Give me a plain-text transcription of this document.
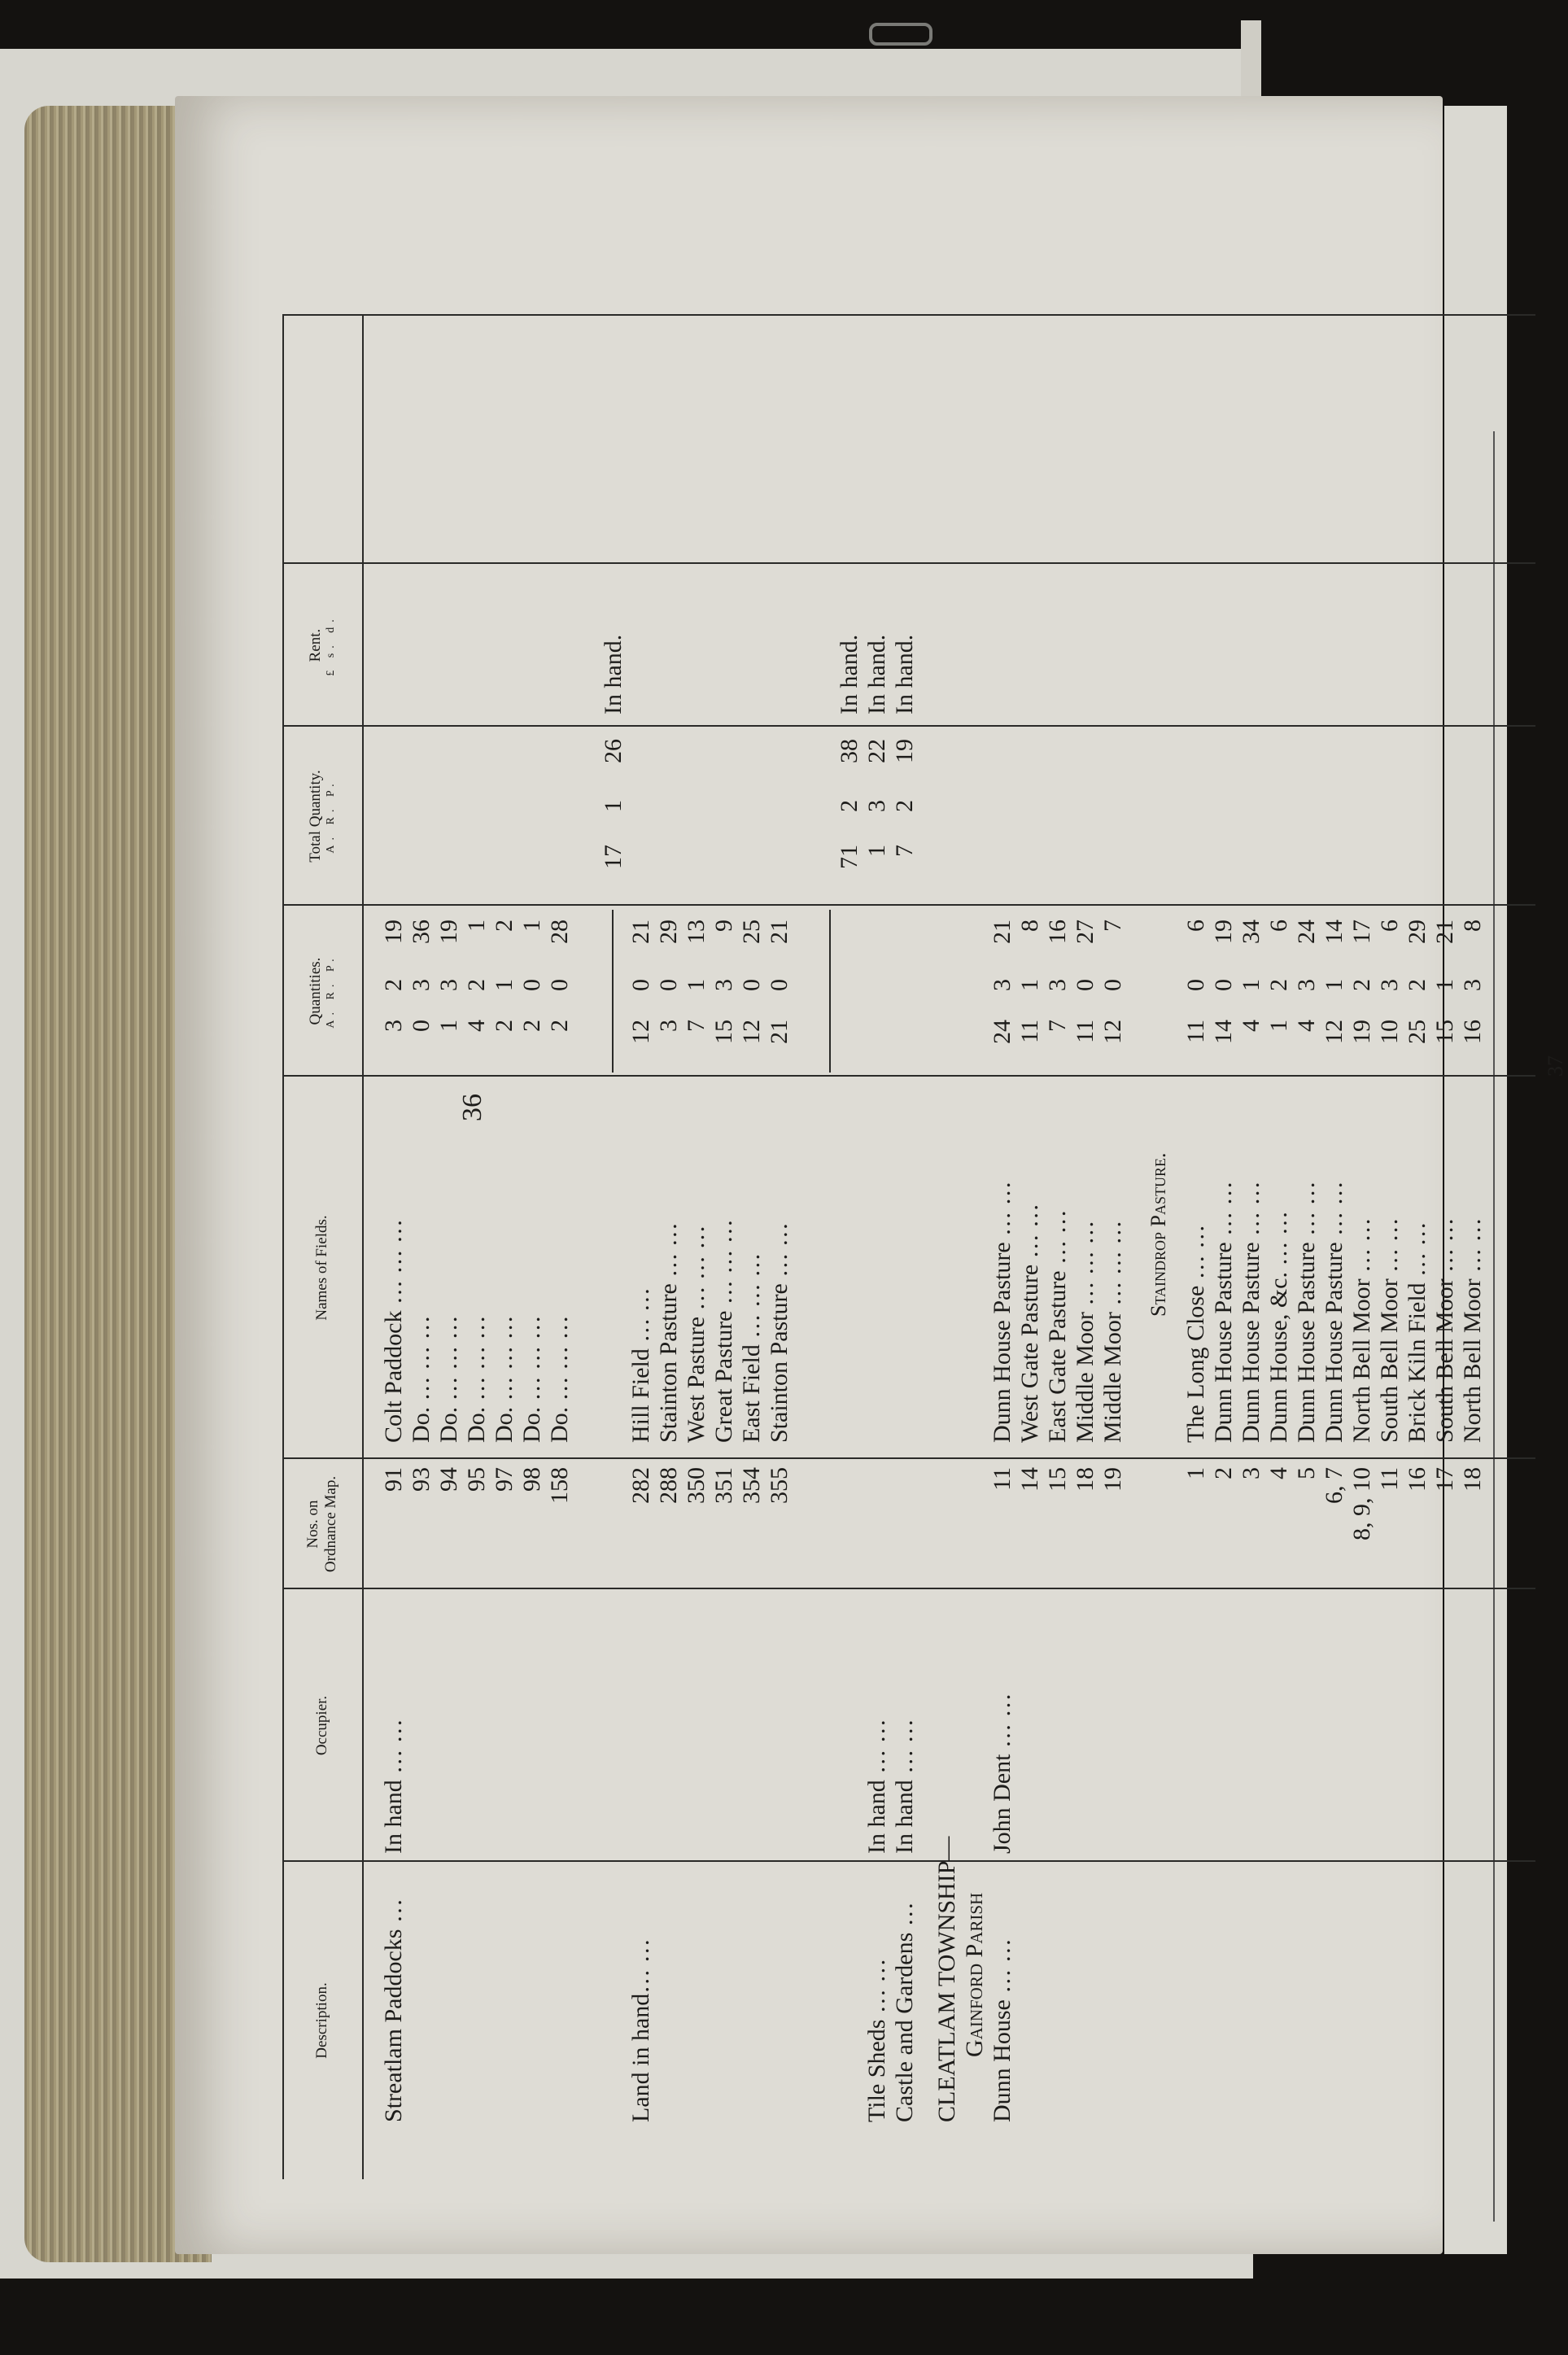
36
37
Description.
Occupier.
Nos. on
Ordnance Map.
Names of Fields.
Quantities. A. R. P.
Total Quantity. A. R. P.
Rent. £ s. d.
Streatlam Paddocks …
In hand … …
91
Colt Paddock … … …
3
2
19
93
Do. … … …
0
3
36
94
Do. … … …
1
3
19
95
Do. … … …
4
2
1
97
Do. … … …
2
1
2
98
Do. … … …
2
0
1
158
Do. … … …
2
0
28
17
1
26
In hand.
Land in hand… …
282
Hill Field … …
12
0
21
288
Stainton Pasture … …
3
0
29
350
West Pasture … … …
7
1
13
351
Great Pasture … … …
15
3
9
354
East Field … … …
12
0
25
355
Stainton Pasture … …
21
0
21
71
2
38
In hand.
Tile Sheds … …
In hand … …
1
3
22
In hand.
Castle and Gardens …
In hand … …
7
2
19
In hand.
CLEATLAM TOWNSHIP— Gainford Parish Dunn House … …
John Dent … …
11
Dunn House Pasture … …
24
3
21
14
West Gate Pasture … …
11
1
8
15
East Gate Pasture … …
7
3
16
18
Middle Moor … … …
11
0
27
19
Middle Moor … … …
12
0
7
Staindrop Pasture.
1
The Long Close … …
11
0
6
2
Dunn House Pasture … …
14
0
19
3
Dunn House Pasture … …
4
1
34
4
Dunn House, &c. … …
1
2
6
5
Dunn House Pasture … …
4
3
24
6, 7
Dunn House Pasture … …
12
1
14
8, 9, 10
North Bell Moor … …
19
2
17
11
South Bell Moor … …
10
3
6
16
Brick Kiln Field … …
25
2
29
17
South Bell Moor … …
15
1
21
18
North Bell Moor … …
16
3
8
